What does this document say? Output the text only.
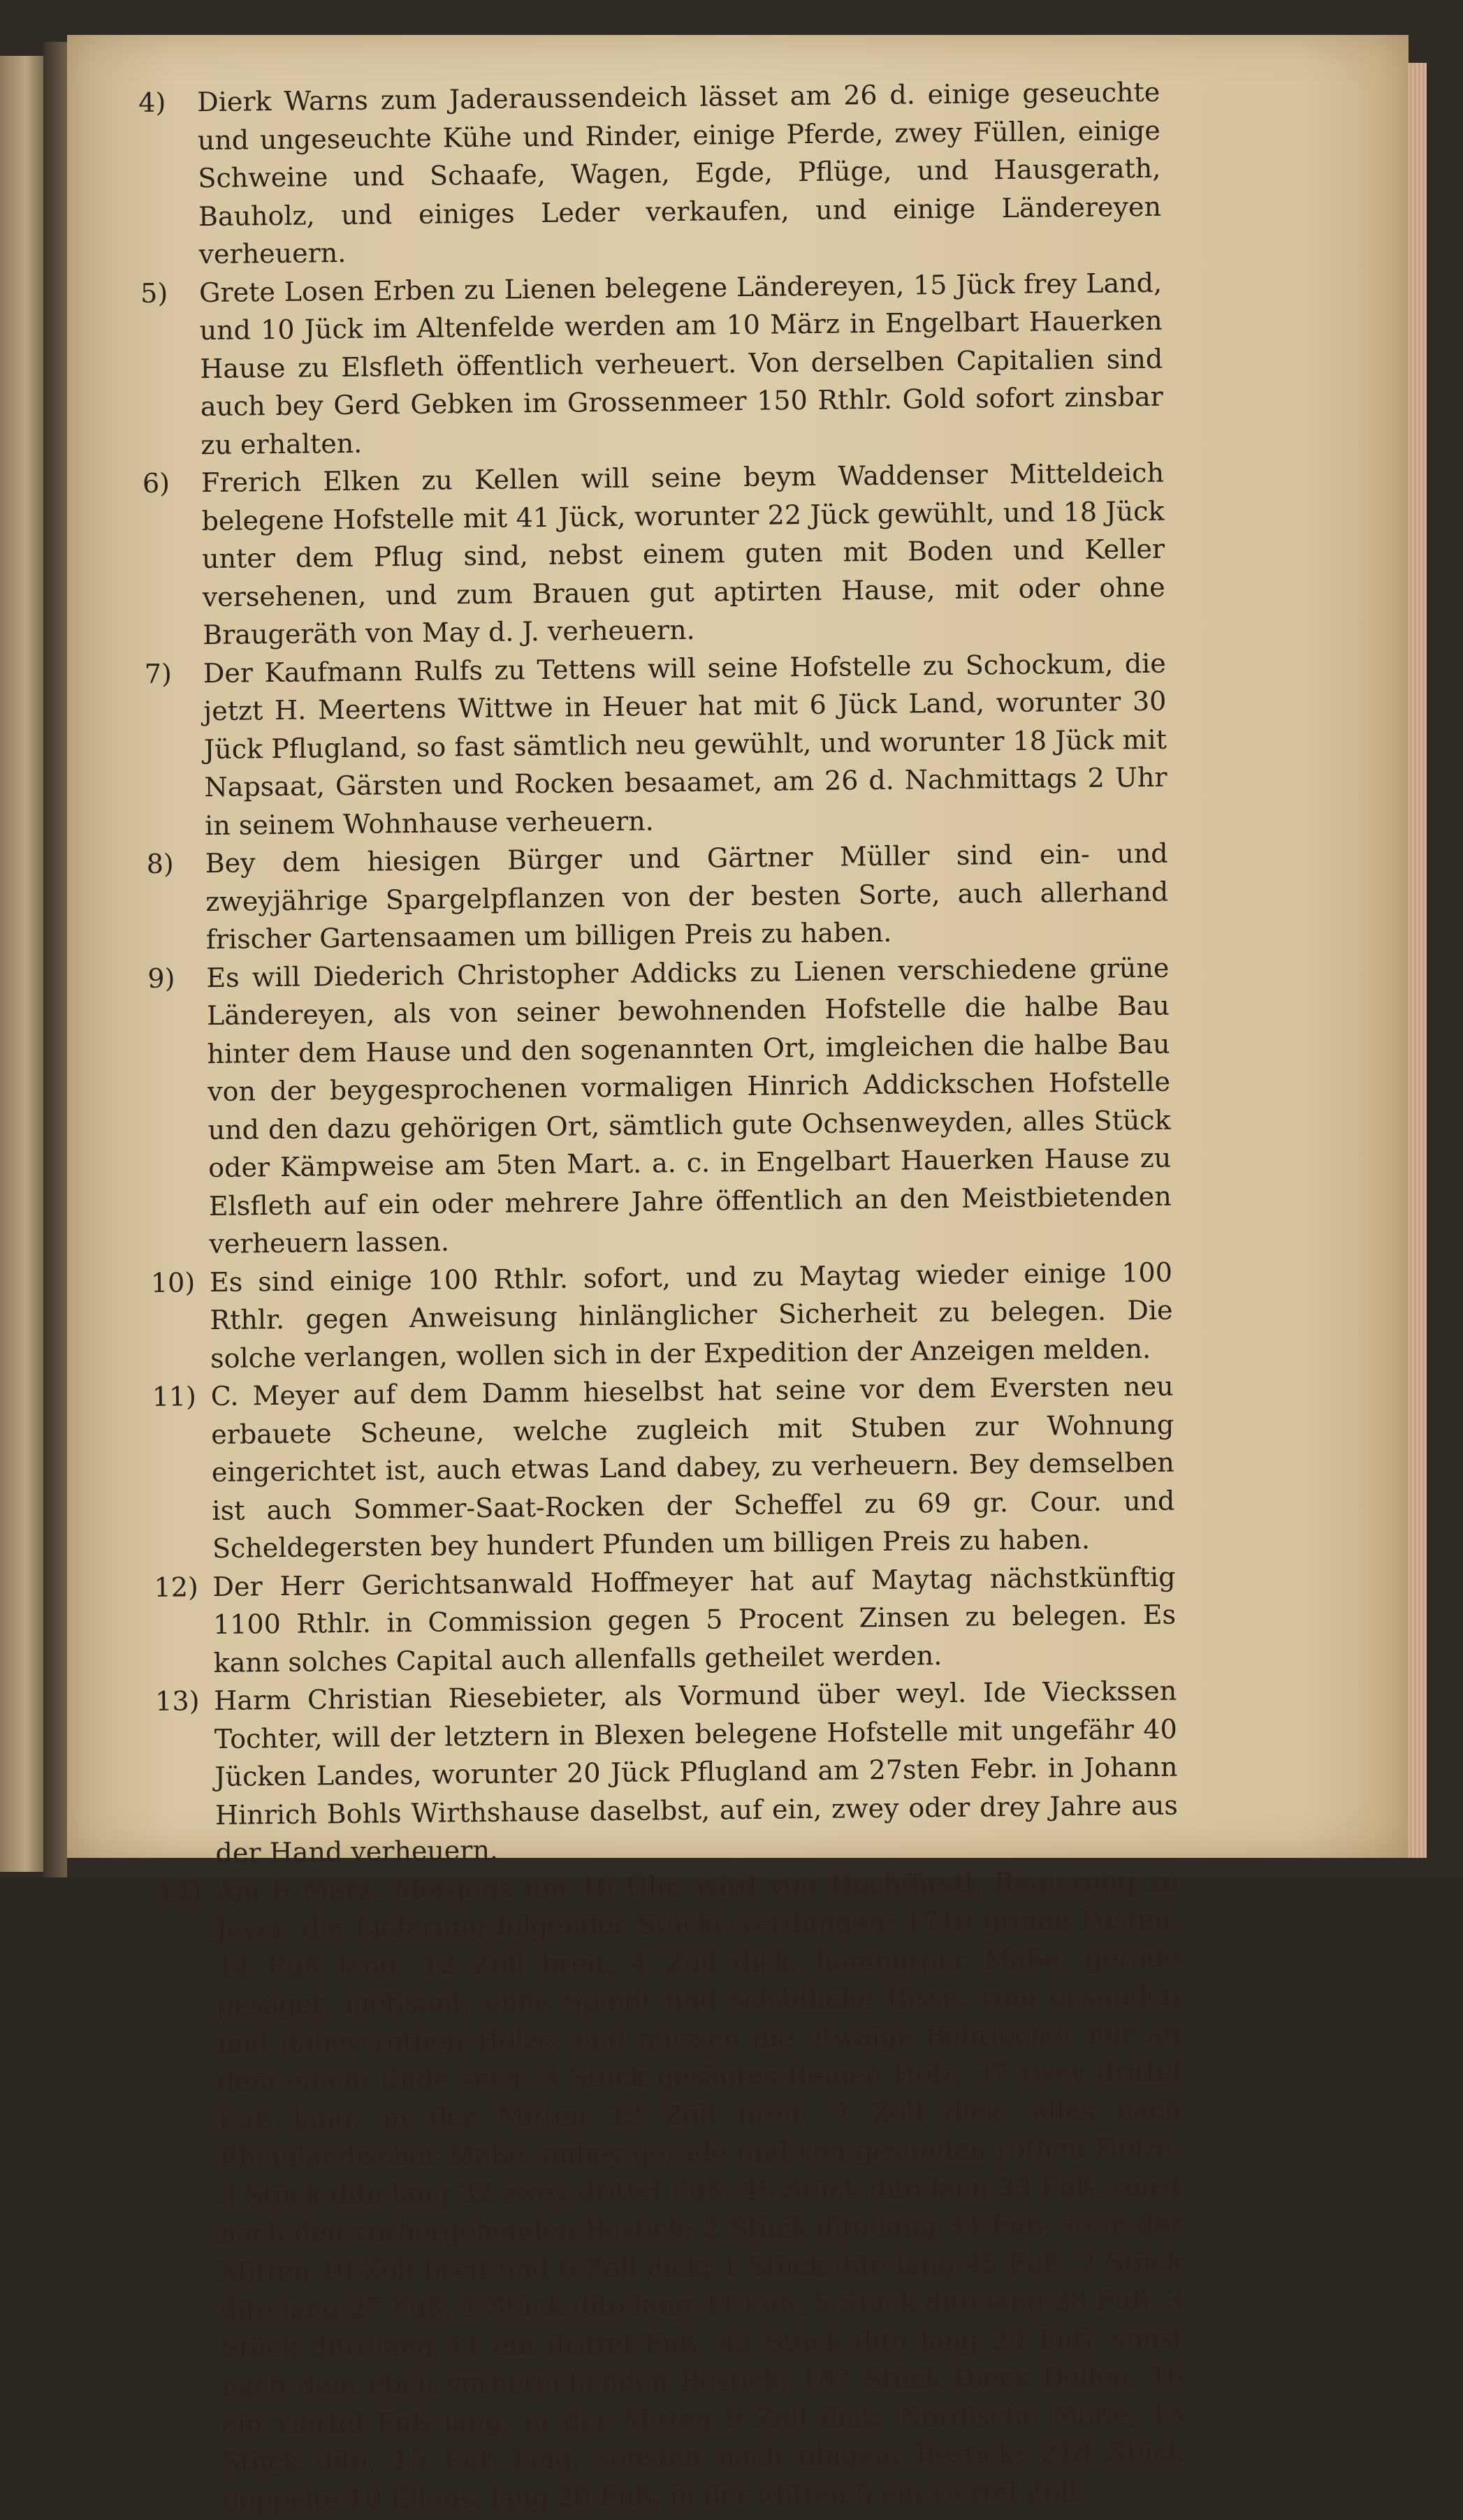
4)	Dierk Warns zum Jaderaussendeich lässet am 26 d. einige geseuchte und ungeseuchte Kühe und Rinder, einige Pferde, zwey Füllen, einige Schweine und Schaafe, Wagen, Egde, Pflüge, und Hausgerath, Bauholz, und einiges Leder verkaufen, und einige Ländereyen verheuern.

5)	Grete Losen Erben zu Lienen belegene Ländereyen, 15 Jück frey Land, und 10 Jück im Altenfelde werden am 10 März in Engelbart Hauerken Hause zu Elsfleth öffentlich verheuert. Von derselben Capitalien sind auch bey Gerd Gebken im Grossenmeer 150 Rthlr. Gold sofort zinsbar zu erhalten.

6)	Frerich Elken zu Kellen will seine beym Waddenser Mitteldeich belegene Hofstelle mit 41 Jück, worunter 22 Jück gewühlt, und 18 Jück unter dem Pflug sind, nebst einem guten mit Boden und Keller versehenen, und zum Brauen gut aptirten Hause, mit oder ohne Braugeräth von May d. J. verheuern.

7)	Der Kaufmann Rulfs zu Tettens will seine Hofstelle zu Schockum, die jetzt H. Meertens Wittwe in Heuer hat mit 6 Jück Land, worunter 30 Jück Pflugland, so fast sämtlich neu gewühlt, und worunter 18 Jück mit Napsaat, Gärsten und Rocken besaamet, am 26 d. Nachmittags 2 Uhr in seinem Wohnhause verheuern.

8)	Bey dem hiesigen Bürger und Gärtner Müller sind ein- und zweyjährige Spargelpflanzen von der besten Sorte, auch allerhand frischer Gartensaamen um billigen Preis zu haben.

9)	Es will Diederich Christopher Addicks zu Lienen verschiedene grüne Ländereyen, als von seiner bewohnenden Hofstelle die halbe Bau hinter dem Hause und den sogenannten Ort, imgleichen die halbe Bau von der beygesprochenen vormaligen Hinrich Addickschen Hofstelle und den dazu gehörigen Ort, sämtlich gute Ochsenweyden, alles Stück oder Kämpweise am 5ten Mart. a. c. in Engelbart Hauerken Hause zu Elsfleth auf ein oder mehrere Jahre öffentlich an den Meistbietenden verheuern lassen.

10) Es sind einige 100 Rthlr. sofort, und zu Maytag wieder einige 100 Rthlr. gegen Anweisung hinlänglicher Sicherheit zu belegen. Die solche verlangen, wollen sich in der Expedition der Anzeigen melden.

11) C. Meyer auf dem Damm hieselbst hat seine vor dem Eversten neu erbauete Scheune, welche zugleich mit Stuben zur Wohnung eingerichtet ist, auch etwas Land dabey, zu verheuern. Bey demselben ist auch Sommer-Saat-Rocken der Scheffel zu 69 gr. Cour. und Scheldegersten bey hundert Pfunden um billigen Preis zu haben.

12) Der Herr Gerichtsanwald Hoffmeyer hat auf Maytag nächstkünftig 1100 Rthlr. in Commission gegen 5 Procent Zinsen zu belegen. Es kann solches Capital auch allenfalls getheilet werden.

13) Harm Christian Riesebieter, als Vormund über weyl. Ide Vieckssen Tochter, will der letztern in Blexen belegene Hofstelle mit ungefähr 40 Jücken Landes, worunter 20 Jück Pflugland am 27sten Febr. in Johann Hinrich Bohls Wirthshause daselbst, auf ein, zwey oder drey Jahre aus der Hand verheuern.

14) Am 6 März, Morgens um 10 Uhr, wird von Hochfürstl. Regierung zu Jever, die Lieferung folgender Stücke verdungen: 1710 greine Posten, 14 Fuß lang, 12 Zoll breit, 4 Zoll dick, hamburger Maße, gerade gesäget, meßkant, ohne Spindt und schädliche Risse, vom gesunden und dabey rothen Holze, und müssen die etwaige Bohrlöcher nur an dem einem Ende seyn; 3 Stück gesägtes Reinen Holz, 37 zwey drittel Fuß lang, in der Mitten 12 Zoll breit, 7 Zoll dick, alles nach Rheinländischer Maße, anbey gerade und von gesunden rothen Holze; 3 Stück dito lang 32 zwey drittel Fuß, 45 Stück dito lang 33 Fuß, sonst nach den vorhergehenden Bestick; 2 Stück dito lang 34 Fuß, so in der Mitten 10 Zoll breit und 6 Zoll dick; 1 Stück dito lang 45 Fuß, 2 Stück dito lang 27 Fuß, 1 Stück dito lang 44 Fuß, 5 Stück dito lang 28 Fuß, 3 Stück dito lang 41 ein drittel Fuß, 43 Stück dito lang 29 Fuß, sonst nach dem eben vorhergehenden Bestick; 187 Stück Dieck Dollen, 16 ein viertel Fuß lang, in der Mitten 9 Zoll dick, Nordische Maße; 13 Stück dito, 15 Fuß lang, sonsten nach obigem Bestick; 218 Stück doppelte 10 Ellens, lang 20 Fuß, in der Mitten 5 ein viertel Zoll
